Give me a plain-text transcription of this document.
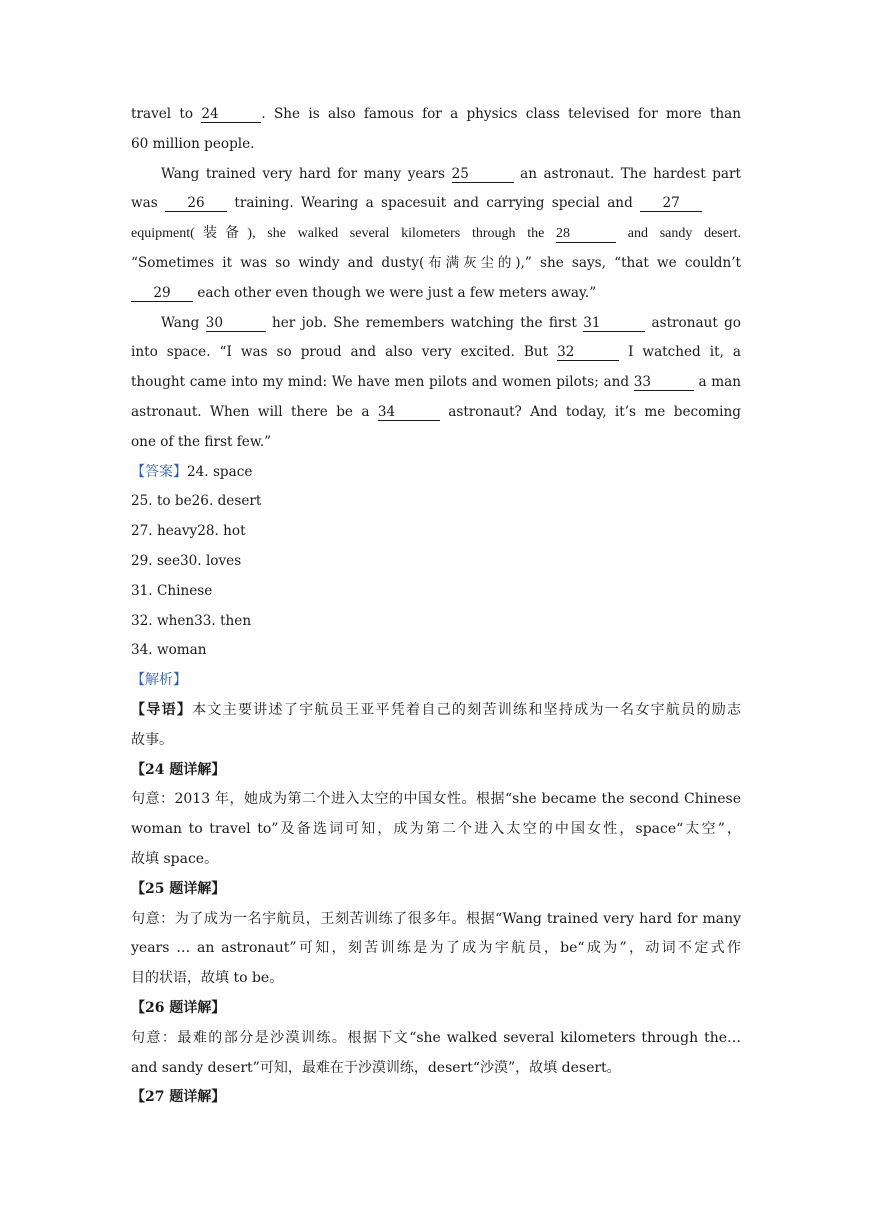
travel to 24	. She is also famous for a physics class televised for more than
60 million people.
Wang trained very hard for many years 25	an astronaut. The hardest part
was 26 training. Wearing a spacesuit and carrying special and 27
equipment(装备), she walked several kilometers through the 28	and sandy desert.
“Sometimes it was so windy and dusty(布满灰尘的),” she says, “that we couldn’t
29 each other even though we were just a few meters away.”
Wang 30	her job. She remembers watching the first 31	astronaut go
into space. “I was so proud and also very excited. But 32	I watched it, a
thought came into my mind: We have men pilots and women pilots; and 33	a man
astronaut. When will there be a 34	astronaut? And today, it’s me becoming
one of the first few.”
【答案】24. space
25. to be26. desert
27. heavy28. hot
29. see30. loves
31. Chinese
32. when33. then
34. woman
【解析】
【导语】本文主要讲述了宇航员王亚平凭着自己的刻苦训练和坚持成为一名女宇航员的励志
故事。
【24 题详解】
句意：2013 年，她成为第二个进入太空的中国女性。根据“she became the second Chinese
woman to travel to”及备选词可知，成为第二个进入太空的中国女性，space“太空”，
故填 space。
【25 题详解】
句意：为了成为一名宇航员，王刻苦训练了很多年。根据“Wang trained very hard for many
years … an astronaut”可知，刻苦训练是为了成为宇航员，be“成为”，动词不定式作
目的状语，故填 to be。
【26 题详解】
句意：最难的部分是沙漠训练。根据下文“she walked several kilometers through the…
and sandy desert”可知，最难在于沙漠训练，desert“沙漠”，故填 desert。
【27 题详解】
